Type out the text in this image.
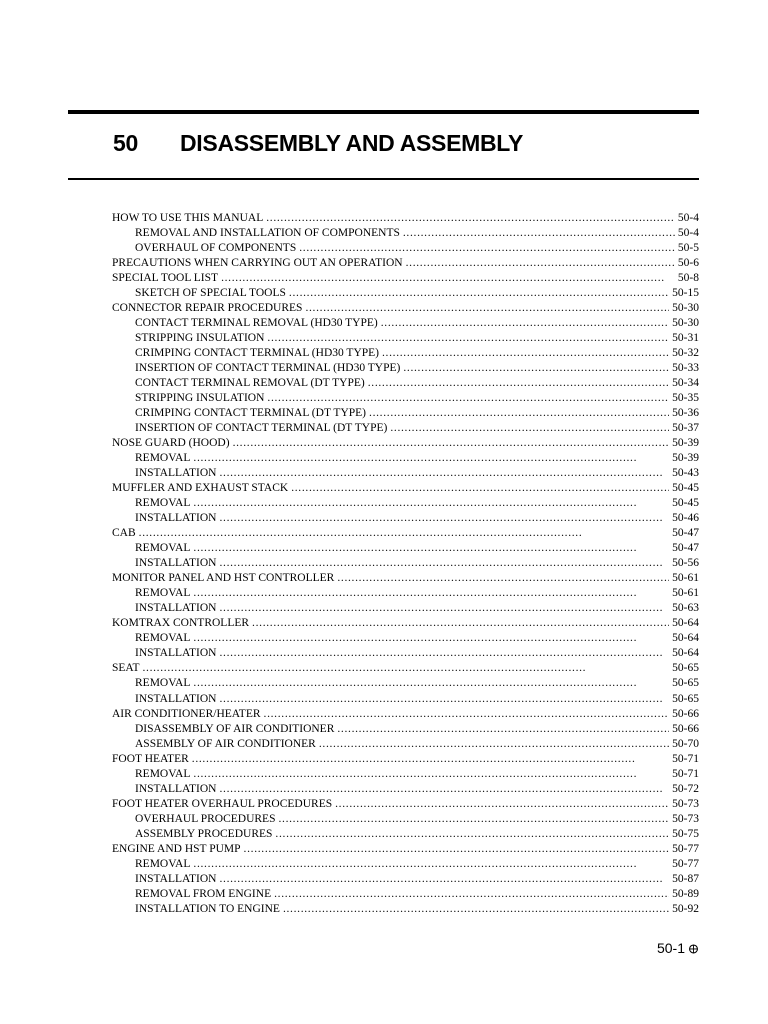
50	DISASSEMBLY AND ASSEMBLY
HOW TO USE THIS MANUAL . . .	50-4
REMOVAL AND INSTALLATION OF COMPONENTS . . .	50-4
OVERHAUL OF COMPONENTS . . .	50-5
PRECAUTIONS WHEN CARRYING OUT AN OPERATION . . .	50-6
SPECIAL TOOL LIST . . .	50-8
SKETCH OF SPECIAL TOOLS . . .	50-15
CONNECTOR REPAIR PROCEDURES . . .	50-30
CONTACT TERMINAL REMOVAL (HD30 TYPE) . . .	50-30
STRIPPING INSULATION . . .	50-31
CRIMPING CONTACT TERMINAL (HD30 TYPE) . . .	50-32
INSERTION OF CONTACT TERMINAL (HD30 TYPE) . . .	50-33
CONTACT TERMINAL REMOVAL (DT TYPE) . . .	50-34
STRIPPING INSULATION . . .	50-35
CRIMPING CONTACT TERMINAL (DT TYPE) . . .	50-36
INSERTION OF CONTACT TERMINAL (DT TYPE) . . .	50-37
NOSE GUARD (HOOD) . . .	50-39
REMOVAL . . .	50-39
INSTALLATION . . .	50-43
MUFFLER AND EXHAUST STACK . . .	50-45
REMOVAL . . .	50-45
INSTALLATION . . .	50-46
CAB . . .	50-47
REMOVAL . . .	50-47
INSTALLATION . . .	50-56
MONITOR PANEL AND HST CONTROLLER . . .	50-61
REMOVAL . . .	50-61
INSTALLATION . . .	50-63
KOMTRAX CONTROLLER . . .	50-64
REMOVAL . . .	50-64
INSTALLATION . . .	50-64
SEAT . . .	50-65
REMOVAL . . .	50-65
INSTALLATION . . .	50-65
AIR CONDITIONER/HEATER . . .	50-66
DISASSEMBLY OF AIR CONDITIONER . . .	50-66
ASSEMBLY OF AIR CONDITIONER . . .	50-70
FOOT HEATER . . .	50-71
REMOVAL . . .	50-71
INSTALLATION . . .	50-72
FOOT HEATER OVERHAUL PROCEDURES . . .	50-73
OVERHAUL PROCEDURES . . .	50-73
ASSEMBLY PROCEDURES . . .	50-75
ENGINE AND HST PUMP . . .	50-77
REMOVAL . . .	50-77
INSTALLATION . . .	50-87
REMOVAL FROM ENGINE . . .	50-89
INSTALLATION TO ENGINE . . .	50-92
50-1
